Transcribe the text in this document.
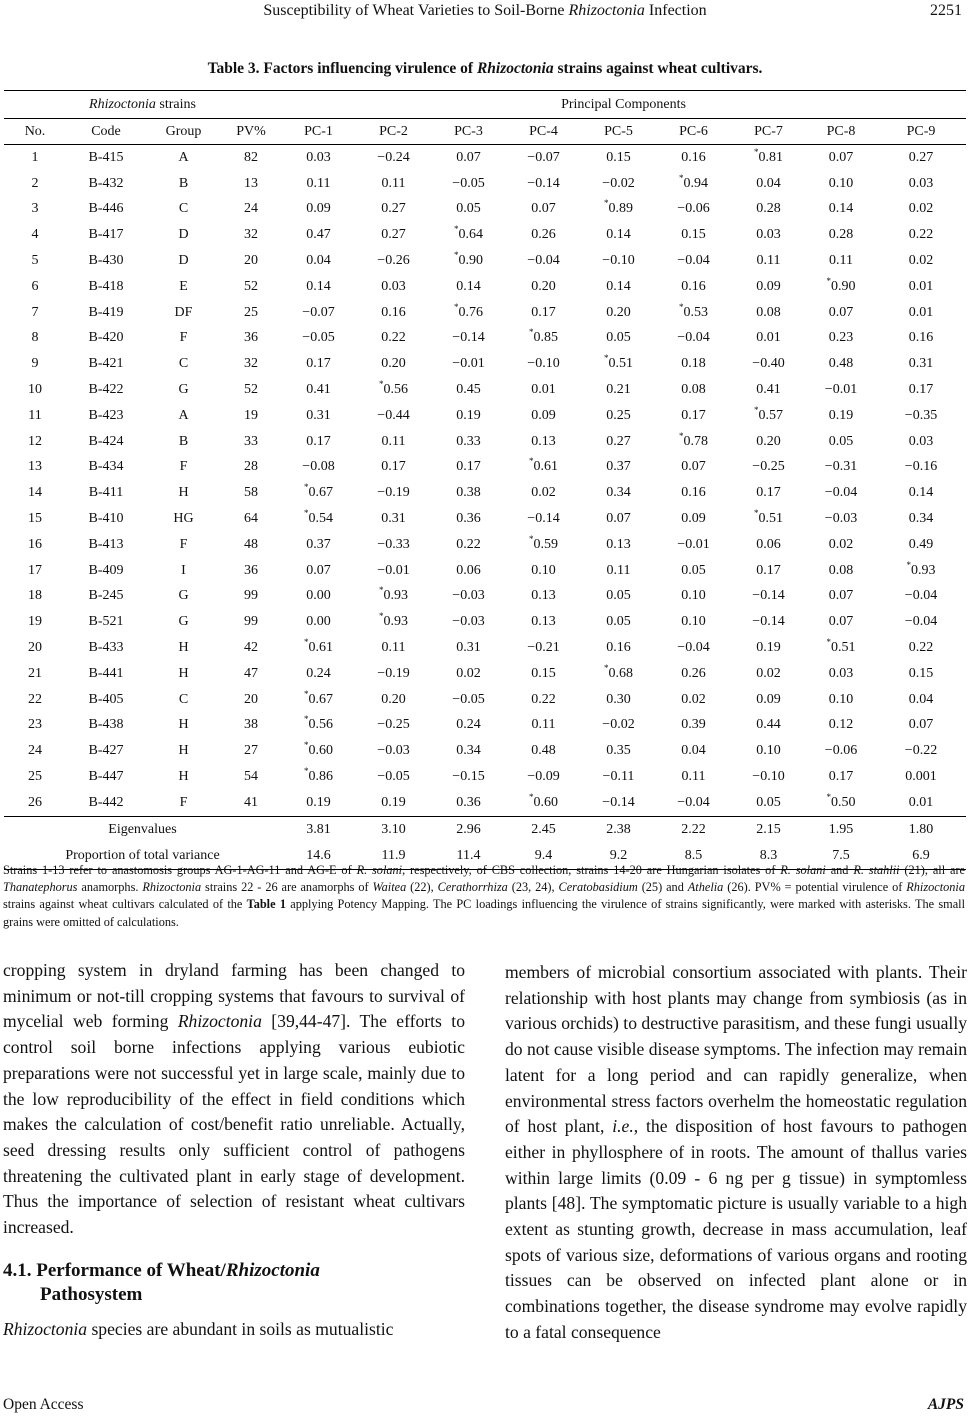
Susceptibility of Wheat Varieties to Soil-Borne Rhizoctonia Infection	2251
Table 3. Factors influencing virulence of Rhizoctonia strains against wheat cultivars.
Rhizoctonia strains				Principal Components								
No.	Code	Group	PV%	PC-1	PC-2	PC-3	PC-4	PC-5	PC-6	PC-7	PC-8	PC-9
1	B-415	A	82	0.03	−0.24	0.07	−0.07	0.15	0.16	*0.81	0.07	0.27
2	B-432	B	13	0.11	0.11	−0.05	−0.14	−0.02	*0.94	0.04	0.10	0.03
3	B-446	C	24	0.09	0.27	0.05	0.07	*0.89	−0.06	0.28	0.14	0.02
4	B-417	D	32	0.47	0.27	*0.64	0.26	0.14	0.15	0.03	0.28	0.22
5	B-430	D	20	0.04	−0.26	*0.90	−0.04	−0.10	−0.04	0.11	0.11	0.02
6	B-418	E	52	0.14	0.03	0.14	0.20	0.14	0.16	0.09	*0.90	0.01
7	B-419	DF	25	−0.07	0.16	*0.76	0.17	0.20	*0.53	0.08	0.07	0.01
8	B-420	F	36	−0.05	0.22	−0.14	*0.85	0.05	−0.04	0.01	0.23	0.16
9	B-421	C	32	0.17	0.20	−0.01	−0.10	*0.51	0.18	−0.40	0.48	0.31
10	B-422	G	52	0.41	*0.56	0.45	0.01	0.21	0.08	0.41	−0.01	0.17
11	B-423	A	19	0.31	−0.44	0.19	0.09	0.25	0.17	*0.57	0.19	−0.35
12	B-424	B	33	0.17	0.11	0.33	0.13	0.27	*0.78	0.20	0.05	0.03
13	B-434	F	28	−0.08	0.17	0.17	*0.61	0.37	0.07	−0.25	−0.31	−0.16
14	B-411	H	58	*0.67	−0.19	0.38	0.02	0.34	0.16	0.17	−0.04	0.14
15	B-410	HG	64	*0.54	0.31	0.36	−0.14	0.07	0.09	*0.51	−0.03	0.34
16	B-413	F	48	0.37	−0.33	0.22	*0.59	0.13	−0.01	0.06	0.02	0.49
17	B-409	I	36	0.07	−0.01	0.06	0.10	0.11	0.05	0.17	0.08	*0.93
18	B-245	G	99	0.00	*0.93	−0.03	0.13	0.05	0.10	−0.14	0.07	−0.04
19	B-521	G	99	0.00	*0.93	−0.03	0.13	0.05	0.10	−0.14	0.07	−0.04
20	B-433	H	42	*0.61	0.11	0.31	−0.21	0.16	−0.04	0.19	*0.51	0.22
21	B-441	H	47	0.24	−0.19	0.02	0.15	*0.68	0.26	0.02	0.03	0.15
22	B-405	C	20	*0.67	0.20	−0.05	0.22	0.30	0.02	0.09	0.10	0.04
23	B-438	H	38	*0.56	−0.25	0.24	0.11	−0.02	0.39	0.44	0.12	0.07
24	B-427	H	27	*0.60	−0.03	0.34	0.48	0.35	0.04	0.10	−0.06	−0.22
25	B-447	H	54	*0.86	−0.05	−0.15	−0.09	−0.11	0.11	−0.10	0.17	0.001
26	B-442	F	41	0.19	0.19	0.36	*0.60	−0.14	−0.04	0.05	*0.50	0.01
Eigenvalues				3.81	3.10	2.96	2.45	2.38	2.22	2.15	1.95	1.80
Proportion of total variance				14.6	11.9	11.4	9.4	9.2	8.5	8.3	7.5	6.9
Strains 1-13 refer to anastomosis groups AG-1-AG-11 and AG-E of R. solani, respectively, of CBS collection, strains 14-20 are Hungarian isolates of R. solani and R. stahlii (21), all are Thanatephorus anamorphs. Rhizoctonia strains 22 - 26 are anamorphs of Waitea (22), Cerathorrhiza (23, 24), Ceratobasidium (25) and Athelia (26). PV% = potential virulence of Rhizoctonia strains against wheat cultivars calculated of the Table 1 applying Potency Mapping. The PC loadings influencing the virulence of strains significantly, were marked with asterisks. The small grains were omitted of calculations.
cropping system in dryland farming has been changed to minimum or not-till cropping systems that favours to survival of mycelial web forming Rhizoctonia [39,44-47]. The efforts to control soil borne infections applying various eubiotic preparations were not successful yet in large scale, mainly due to the low reproducibility of the effect in field conditions which makes the calculation of cost/benefit ratio unreliable. Actually, seed dressing results only sufficient control of pathogens threatening the cultivated plant in early stage of development. Thus the importance of selection of resistant wheat cultivars increased.
4.1. Performance of Wheat/Rhizoctonia
Pathosystem
Rhizoctonia species are abundant in soils as mutualistic
members of microbial consortium associated with plants. Their relationship with host plants may change from symbiosis (as in various orchids) to destructive parasitism, and these fungi usually do not cause visible disease symptoms. The infection may remain latent for a long period and can rapidly generalize, when environmental stress factors overhelm the homeostatic regulation of host plant, i.e., the disposition of host favours to pathogen either in phyllosphere of in roots. The amount of thallus varies within large limits (0.09 - 6 ng per g tissue) in symptomless plants [48]. The symptomatic picture is usually variable to a high extent as stunting growth, decrease in mass accumulation, leaf spots of various size, deformations of various organs and rooting tissues can be observed on infected plant alone or in combinations together, the disease syndrome may evolve rapidly to a fatal consequence
Open Access	AJPS
